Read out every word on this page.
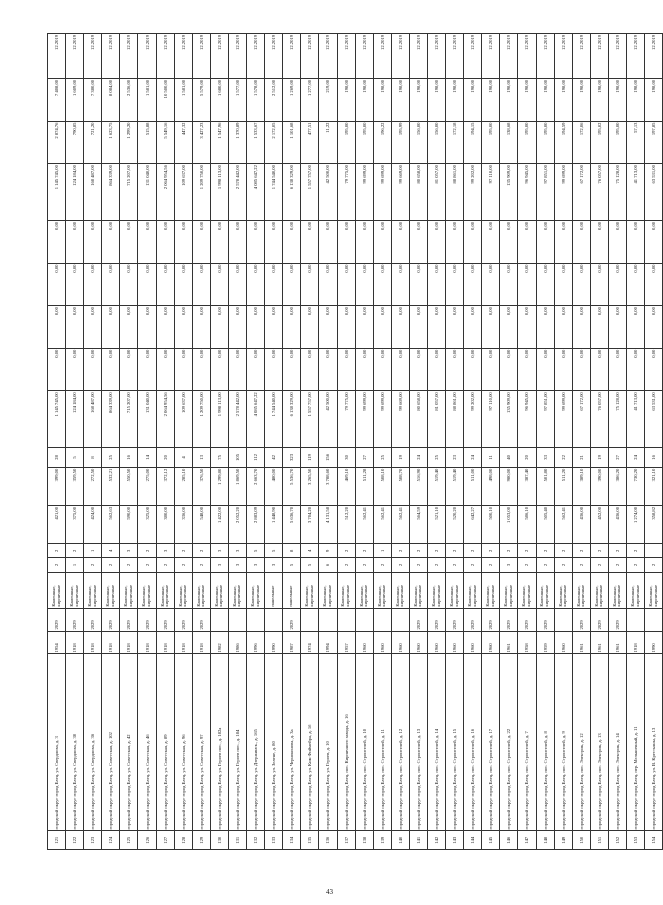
121	городской округ город Елец, ул. Свердлова, д. 3	1954	2029	Каменные, кирпичные	2	2	421,00	399,00	28	1 145 745,00	0,00	0,00	0,00	0,00	1 145 745,00	2 874,76	7 408,00	12.2019
122	городской округ город Елец, ул. Свердлова, д. 30	1918	2029	Каменные, кирпичные	1	2	375,00	359,50	5	124 184,00	0,00	0,00	0,00	0,00	124 184,00	790,85	1 609,00	12.2019
123	городской округ город Елец, ул. Свердлова, д. 36	1918	2029	Каменные, кирпичные	2	1	424,00	272,50	8	168 487,00	0,00	0,00	0,00	0,00	168 487,00	721,20	7 380,00	12.2019
124	городской округ город Елец, ул. Советская, д. 102	1918	2029	Каменные, кирпичные	2	4	562,63	532,21	25	864 339,00	0,00	0,00	0,00	0,00	864 339,00	1 623,75	8 084,00	12.2019
125	городской округ город Елец, ул. Советская, д. 42	1918	2029	Каменные, кирпичные	2	3	590,00	550,50	16	715 207,00	0,00	0,00	0,00	0,00	715 207,00	1 299,20	2 536,00	12.2019
126	городской округ город Елец, ул. Советская, д. 46	1918	2029	Каменные, кирпичные	2	2	325,00	275,00	14	131 040,00	0,00	0,00	0,00	0,00	131 040,00	515,88	1 581,00	12.2019
127	городской округ город Елец, ул. Советская, д. 89	1918	2029	Каменные, кирпичные	2	3	380,00	372,12	20	2 064 954,56	0,00	0,00	0,00	0,00	2 064 954,56	5 549,16	10 500,00	12.2019
128	городской округ город Елец, ул. Советская, д. 96	1918	2029	Каменные, кирпичные	2	2	336,00	285,10	4	109 637,00	0,00	0,00	0,00	0,00	109 637,00	447,32	1 581,00	12.2019
129	городской округ город Елец, ул. Советская, д. 97	1918	2029	Каменные, кирпичные	2	2	548,00	376,50	13	1 209 750,00	0,00	0,00	0,00	0,00	1 209 750,00	3 427,23	5 579,00	12.2019
130	городской округ город Елец, ул. Героев пос., д. 182а	1982		Каменные, кирпичные	3	3	1 422,00	1 299,80	75	1 998 113,00	0,00	0,00	0,00	0,00	1 998 113,00	1 547,96	1 680,00	12.2019
131	городской округ город Елец, ул. Героев пос., д. 184	1986		Каменные, кирпичные	3	3	2 052,20	1 869,50	105	2 578 442,00	0,00	0,00	0,00	0,00	2 578 442,00	1 370,89	1 577,00	12.2019
132	городской округ город Елец, ул. Дзержинск., д. 165	1996		Каменные, кирпичные	3	5	2 883,09	2 663,70	112	4 085 647,22	0,00	0,00	0,00	0,00	4 085 647,22	1 533,67	1 578,00	12.2019
133	городской округ город Елец, ул. Зелене, д. 80	1990		панельные	3	5	1 448,90	480,00	42	1 744 540,00	0,00	0,00	0,00	0,00	1 744 540,00	2 172,05	2 512,00	12.2019
134	городской округ город Елец, ул. Черноконова, д. 3а	1987	2029	панельные	5	8	5 636,70	5 536,70	323	6 138 329,00	0,00	0,00	0,00	0,00	6 138 329,00	1 101,68	1 269,00	12.2019
135	городской округ город Елец, ул. Ким Фиймейра, д. 1б	1974		Каменные, кирпичные	5	4	3 704,20	3 265,50	119	1 557 757,00	0,00	0,00	0,00	0,00	1 557 757,00	477,51	1 277,00	12.2019
136	городской округ город Елец, ул. Героев, д. 10	1994		Каменные, кирпичные	6	9	4 131,58	3 788,60	156	42 500,00	0,00	0,00	0,00	0,00	42 500,00	11,22	219,00	12.2019
137	городской округ город Елец, пос. Кирпичного завода, д. 16	1957		Каменные, кирпичные	2	2	512,20	469,10	30	79 775,00	0,00	0,00	0,00	0,00	79 775,00	195,00	198,00	12.2019
138	городской округ город Елец, пос. Строителей, д. 10	1960		Каменные, кирпичные	2	2	562,41	511,28	27	99 699,00	0,00	0,00	0,00	0,00	99 699,00	195,00	198,00	12.2019
139	городской округ город Елец, пос. Строителей, д. 11	1960		Каменные, кирпичные	2	1	562,41	508,10	25	99 699,00	0,00	0,00	0,00	0,00	99 699,00	196,22	198,00	12.2019
140	городской округ город Елец, пос. Строителей, д. 12	1960		Каменные, кирпичные	2	2	562,41	508,70	19	99 669,00	0,00	0,00	0,00	0,00	99 669,00	195,99	198,00	12.2019
141	городской округ город Елец, пос. Строителей, д. 13	1960	2029	Каменные, кирпичные	2	2	564,59	516,90	24	80 658,00	0,00	0,00	0,00	0,00	80 658,00	156,00	198,00	12.2019
142	городской округ город Елец, пос. Строителей, д. 14	1960	2029	Каменные, кирпичные	2	2	521,10	519,40	25	81 057,00	0,00	0,00	0,00	0,00	81 057,00	156,00	198,00	12.2019
143	городской округ город Елец, пос. Строителей, д. 15	1960	2029	Каменные, кирпичные	2	2	520,20	519,40	23	88 861,00	0,00	0,00	0,00	0,00	88 861,00	172,18	198,00	12.2019
144	городской округ город Елец, пос. Строителей, д. 16	1960	2029	Каменные, кирпичные	2	2	642,27	511,00	24	99 202,00	0,00	0,00	0,00	0,00	99 202,00	194,15	198,00	12.2019
145	городской округ город Елец, пос. Строителей, д. 17	1960	2029	Каменные, кирпичные	2	2	500,10	498,00	11	97 110,00	0,00	0,00	0,00	0,00	97 110,00	195,00	198,00	12.2019
146	городской округ город Елец, пос. Строителей, д. 22	1961	2029	Каменные, кирпичные	3	2	1 053,00	980,00	40	135 909,00	0,00	0,00	0,00	0,00	135 909,00	138,68	198,00	12.2019
147	городской округ город Елец, пос. Строителей, д. 7	1958	2029	Каменные, кирпичные	2	2	586,10	387,40	20	96 945,00	0,00	0,00	0,00	0,00	96 945,00	195,00	198,00	12.2019
148	городской округ город Елец, пос. Строителей, д. 8	1959	2029	Каменные, кирпичные	2	2	505,40	501,80	33	97 851,00	0,00	0,00	0,00	0,00	97 851,00	195,00	198,00	12.2019
149	городской округ город Елец, пос. Строителей, д. 9	1960		Каменные, кирпичные	2	2	562,41	511,20	22	99 699,00	0,00	0,00	0,00	0,00	99 699,00	194,59	198,00	12.2019
150	городской округ город Елец, пос. Электрик, д. 12	1961	2029	Каменные, кирпичные	2	2	436,00	389,10	21	67 172,00	0,00	0,00	0,00	0,00	67 172,00	172,06	198,00	12.2019
151	городской округ город Елец, пос. Электрик, д. 13	1961	2029	Каменные, кирпичные	2	2	452,00	390,00	19	76 057,00	0,00	0,00	0,00	0,00	76 057,00	195,02	198,00	12.2019
152	городской округ город Елец, пос. Электрик, д. 14	1961	2029	Каменные, кирпичные	2	2	436,00	386,20	27	75 128,00	0,00	0,00	0,00	0,00	75 128,00	195,00	198,00	12.2019
153	городской округ город Елец, пер. Мельничный, д. 11	1918		Каменные, кирпичные	2	2	1 274,00	730,20	24	41 713,00	0,00	0,00	0,00	0,00	41 713,00	57,13	198,00	12.2019
154	городской округ город Елец, ул. В. Крестьяны, д. 13	1990		Каменные, кирпичные	2		358,82	321,10	16	63 531,00	0,00	0,00	0,00	0,00	63 531,00	197,85	198,00	12.2019
43
